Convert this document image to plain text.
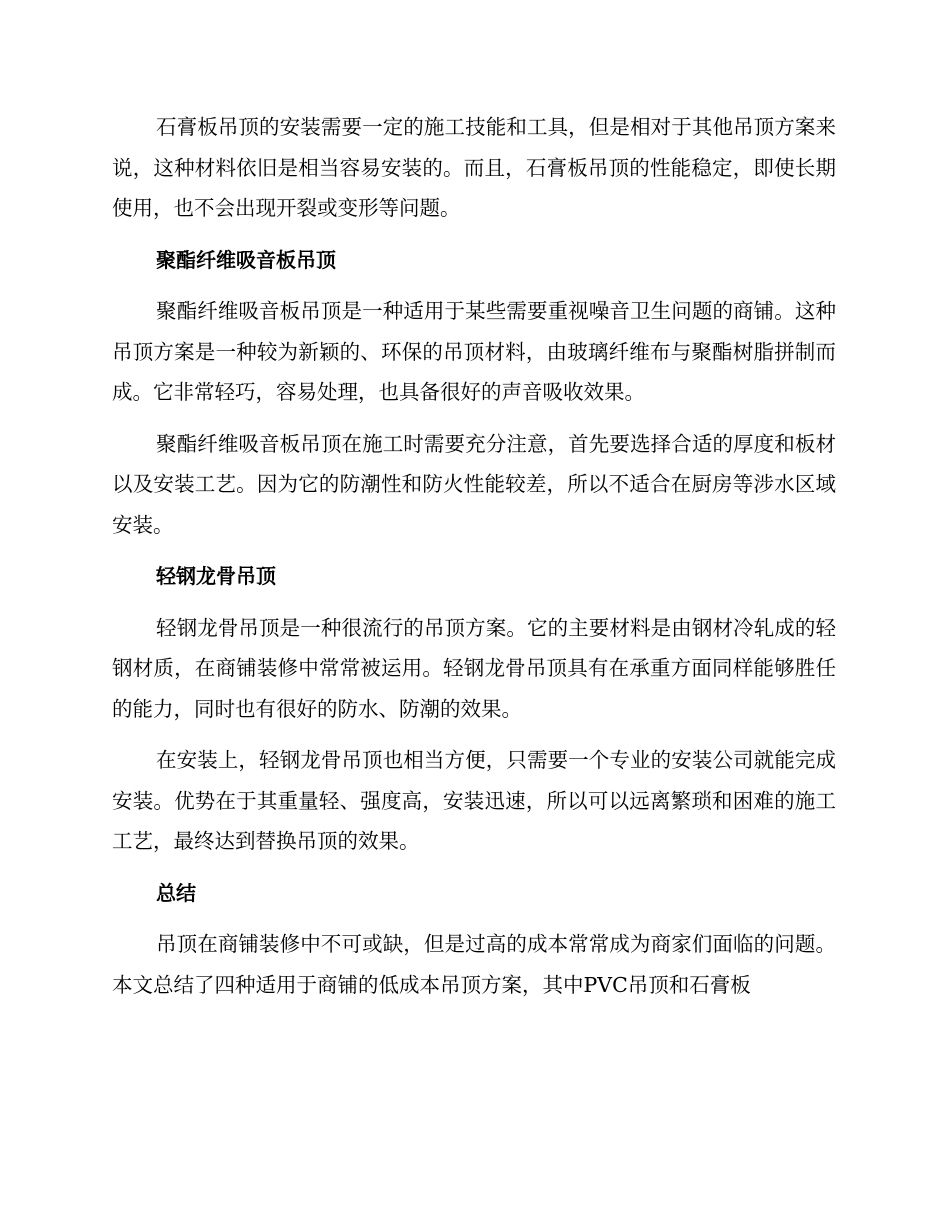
石膏板吊顶的安装需要一定的施工技能和工具，但是相对于其他吊顶方案来说，这种材料依旧是相当容易安装的。而且，石膏板吊顶的性能稳定，即使长期使用，也不会出现开裂或变形等问题。

聚酯纤维吸音板吊顶

聚酯纤维吸音板吊顶是一种适用于某些需要重视噪音卫生问题的商铺。这种吊顶方案是一种较为新颖的、环保的吊顶材料，由玻璃纤维布与聚酯树脂拼制而成。它非常轻巧，容易处理，也具备很好的声音吸收效果。

聚酯纤维吸音板吊顶在施工时需要充分注意，首先要选择合适的厚度和板材以及安装工艺。因为它的防潮性和防火性能较差，所以不适合在厨房等涉水区域安装。

轻钢龙骨吊顶

轻钢龙骨吊顶是一种很流行的吊顶方案。它的主要材料是由钢材冷轧成的轻钢材质，在商铺装修中常常被运用。轻钢龙骨吊顶具有在承重方面同样能够胜任的能力，同时也有很好的防水、防潮的效果。

在安装上，轻钢龙骨吊顶也相当方便，只需要一个专业的安装公司就能完成安装。优势在于其重量轻、强度高，安装迅速，所以可以远离繁琐和困难的施工工艺，最终达到替换吊顶的效果。

总结

吊顶在商铺装修中不可或缺，但是过高的成本常常成为商家们面临的问题。本文总结了四种适用于商铺的低成本吊顶方案，其中PVC吊顶和石膏板
